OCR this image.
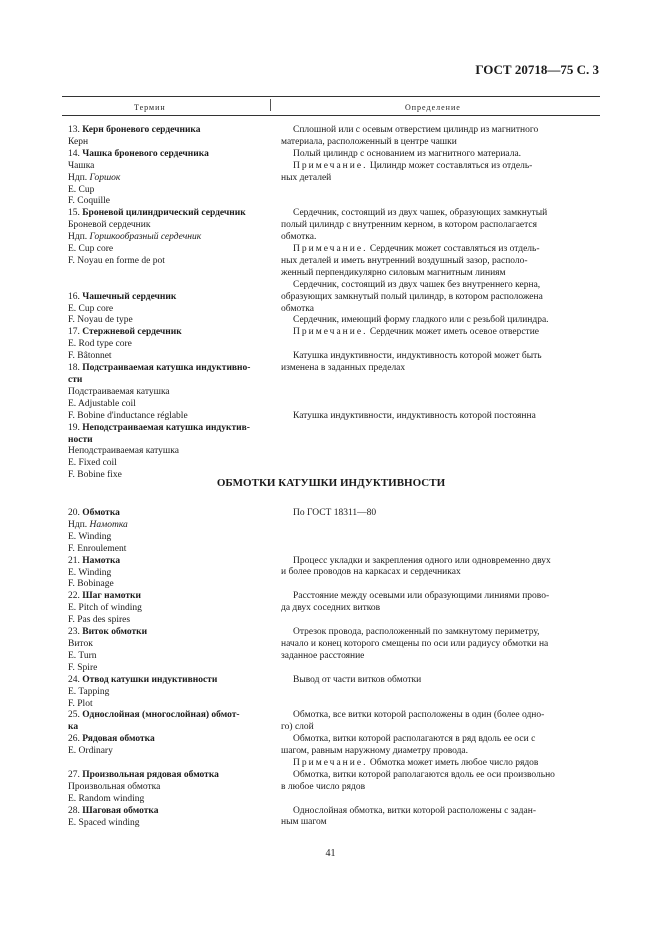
ГОСТ 20718—75 С. 3
Термин	Определение

13. Керн броневого сердечника

Керн

14. Чашка броневого сердечника

Чашка

Ндп. Горшок

E. Cup

F. Coquille

15. Броневой цилиндрический сердечник

Броневой сердечник

Ндп. Горшкообразный сердечник

E. Cup core

F. Noyau en forme de pot

16. Чашечный сердечник

E. Cup core

F. Noyau de type

17. Стержневой сердечник

E. Rod type core

F. Bâtonnet

18. Подстраиваемая катушка индуктивно-

сти

Подстраиваемая катушка

E. Adjustable coil

F. Bobine d'inductance réglable

19. Неподстраиваемая катушка индуктив-

ности

Неподстраиваемая катушка

E. Fixed coil

F. Bobine fixe

Сплошной или с осевым отверстием цилиндр из магнитного

материала, расположенный в центре чашки

Полый цилиндр с основанием из магнитного материала.

Примечание. Цилиндр может составляться из отдель-

ных деталей

Сердечник, состоящий из двух чашек, образующих замкнутый

полый цилиндр с внутренним керном, в котором располагается

обмотка.

Примечание. Сердечник может составляться из отдель-

ных деталей и иметь внутренний воздушный зазор, располо-

женный перпендикулярно силовым магнитным линиям

Сердечник, состоящий из двух чашек без внутреннего керна,

образующих замкнутый полый цилиндр, в котором расположена

обмотка

Сердечник, имеющий форму гладкого или с резьбой цилиндра.

Примечание. Сердечник может иметь осевое отверстие

Катушка индуктивности, индуктивность которой может быть

изменена в заданных пределах

Катушка индуктивности, индуктивность которой постоянна

ОБМОТКИ КАТУШКИ ИНДУКТИВНОСТИ

20. Обмотка

Ндп. Намотка

E. Winding

F. Enroulement

21. Намотка

E. Winding

F. Bobinage

22. Шаг намотки

E. Pitch of winding

F. Pas des spires

23. Виток обмотки

Виток

E. Turn

F. Spire

24. Отвод катушки индуктивности

E. Tapping

F. Plot

25. Однослойная (многослойная) обмот-

ка

26. Рядовая обмотка

E. Ordinary

27. Произвольная рядовая обмотка

Произвольная обмотка

E. Random winding

28. Шаговая обмотка

E. Spaced winding

По ГОСТ 18311—80

Процесс укладки и закрепления одного или одновременно двух

и более проводов на каркасах и сердечниках

Расстояние между осевыми или образующими линиями прово-

да двух соседних витков

Отрезок провода, расположенный по замкнутому периметру,

начало и конец которого смещены по оси или радиусу обмотки на

заданное расстояние

Вывод от части витков обмотки

Обмотка, все витки которой расположены в один (более одно-

го) слой

Обмотка, витки которой располагаются в ряд вдоль ее оси с

шагом, равным наружному диаметру провода.

Примечание. Обмотка может иметь любое число рядов

Обмотка, витки которой раполагаются вдоль ее оси произвольно

в любое число рядов

Однослойная обмотка, витки которой расположены с задан-

ным шагом

41
